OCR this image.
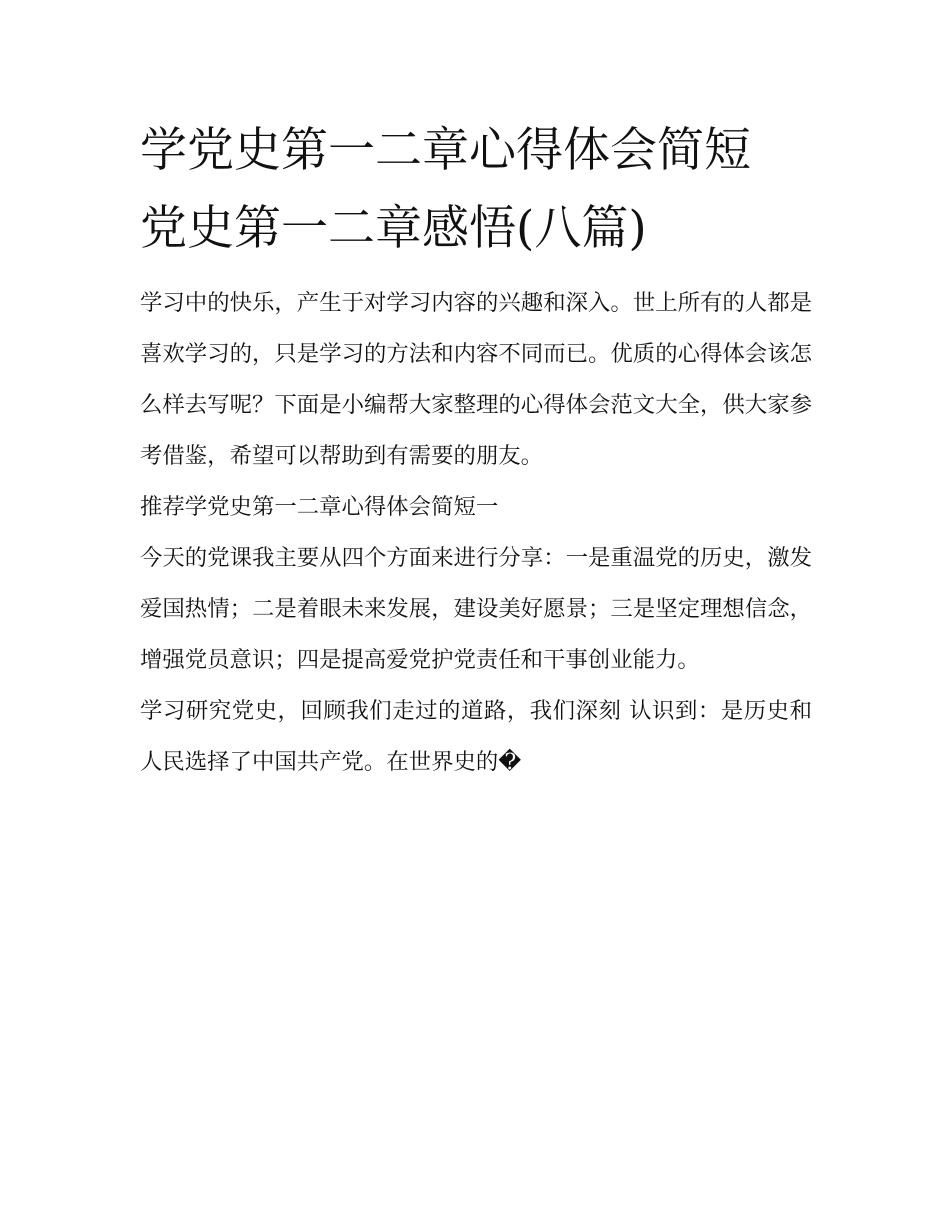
学党史第一二章心得体会简短 党史第一二章感悟(八篇)

学习中的快乐，产生于对学习内容的兴趣和深入。世上所有的人都是喜欢学习的，只是学习的方法和内容不同而已。优质的心得体会该怎么样去写呢？下面是小编帮大家整理的心得体会范文大全，供大家参考借鉴，希望可以帮助到有需要的朋友。

推荐学党史第一二章心得体会简短一

今天的党课我主要从四个方面来进行分享：一是重温党的历史，激发爱国热情；二是着眼未来发展，建设美好愿景；三是坚定理想信念，增强党员意识；四是提高爱党护党责任和干事创业能力。

学习研究党史，回顾我们走过的道路，我们深刻 认识到：是历史和人民选择了中国共产党。在世界史的�
